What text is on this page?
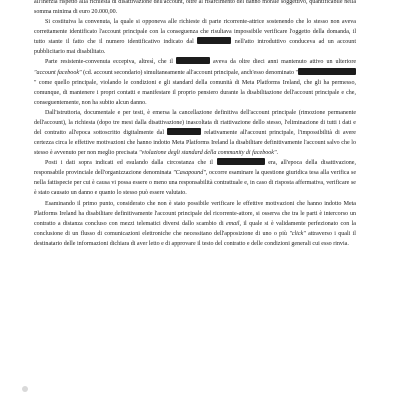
all'inerzia rispetto alla richiesta di disattivazione dell'account, oltre al risarcimento del danno morale soggettivo, quantificabile nella somma minima di euro 20.000,00.

Si costituiva la convenuta, la quale si opponeva alle richieste di parte ricorrente-attrice sostenendo che lo stesso non aveva correttamente identificato l'account principale con la conseguenza che risultava impossibile verificare l'oggetto della domanda, il tutto stante il fatto che il numero identificativo indicato dal	nell'atto introduttivo conduceva ad un account pubblicitario mai disabilitato.

Parte resistente-convenuta eccepiva, altresì, che il	aveva da oltre dieci anni mantenuto attivo un ulteriore "account facebook" (cd. account secondario) simultaneamente all'account principale, anch'esso denominato "" come quello principale, violando le condizioni e gli standard della comunità di Meta Platforms Ireland, che gli ha permesso, comunque, di mantenere i propri contatti e manifestare il proprio pensiero durante la disabilitazione dell'account principale e che, conseguentemente, non ha subito alcun danno.

Dall'istruttoria, documentale e per testi, è emersa la cancellazione definitiva dell'account principale (rimozione permanente dell'account), la richiesta (dopo tre mesi dalla disattivazione) inascoltata di riattivazione dello stesso, l'eliminazione di tutti i dati e del contratto all'epoca sottoscritto digitalmente dal	relativamente all'account principale, l'impossibilità di avere certezza circa le effettive motivazioni che hanno indotto Meta Platforms Ireland la disabilitare definitivamente l'account salvo che lo stesso è avvenuto per non meglio precisata "violazione degli standard della community di facebook".

Posti i dati sopra indicati ed esulando dalla circostanza che il	era, all'epoca della disattivazione, responsabile provinciale dell'organizzazione denominata "Casapound", occorre esaminare la questione giuridica tesa alla verifica se nella fattispecie per cui è causa vi possa essere o meno una responsabilità contrattuale e, in caso di risposta affermativa, verificare se è stato causato un danno e quanto lo stesso può essere valutato.

Esaminando il primo punto, considerato che non è stato possibile verificare le effettive motivazioni che hanno indotto Meta Platforms Ireland ha disabilitare definitivamente l'account principale del ricorrente-attore, si osserva che tra le parti è intercorso un contratto a distanza concluso con mezzi telematici diversi dallo scambio di email, il quale si è validamente perfezionato con la conclusione di un flusso di comunicazioni elettroniche che necessitano dell'apposizione di uno o più "click" attraverso i quali il destinatario delle informazioni dichiara di aver letto e di approvare il testo del contratto e delle condizioni generali cui esso rinvia.
